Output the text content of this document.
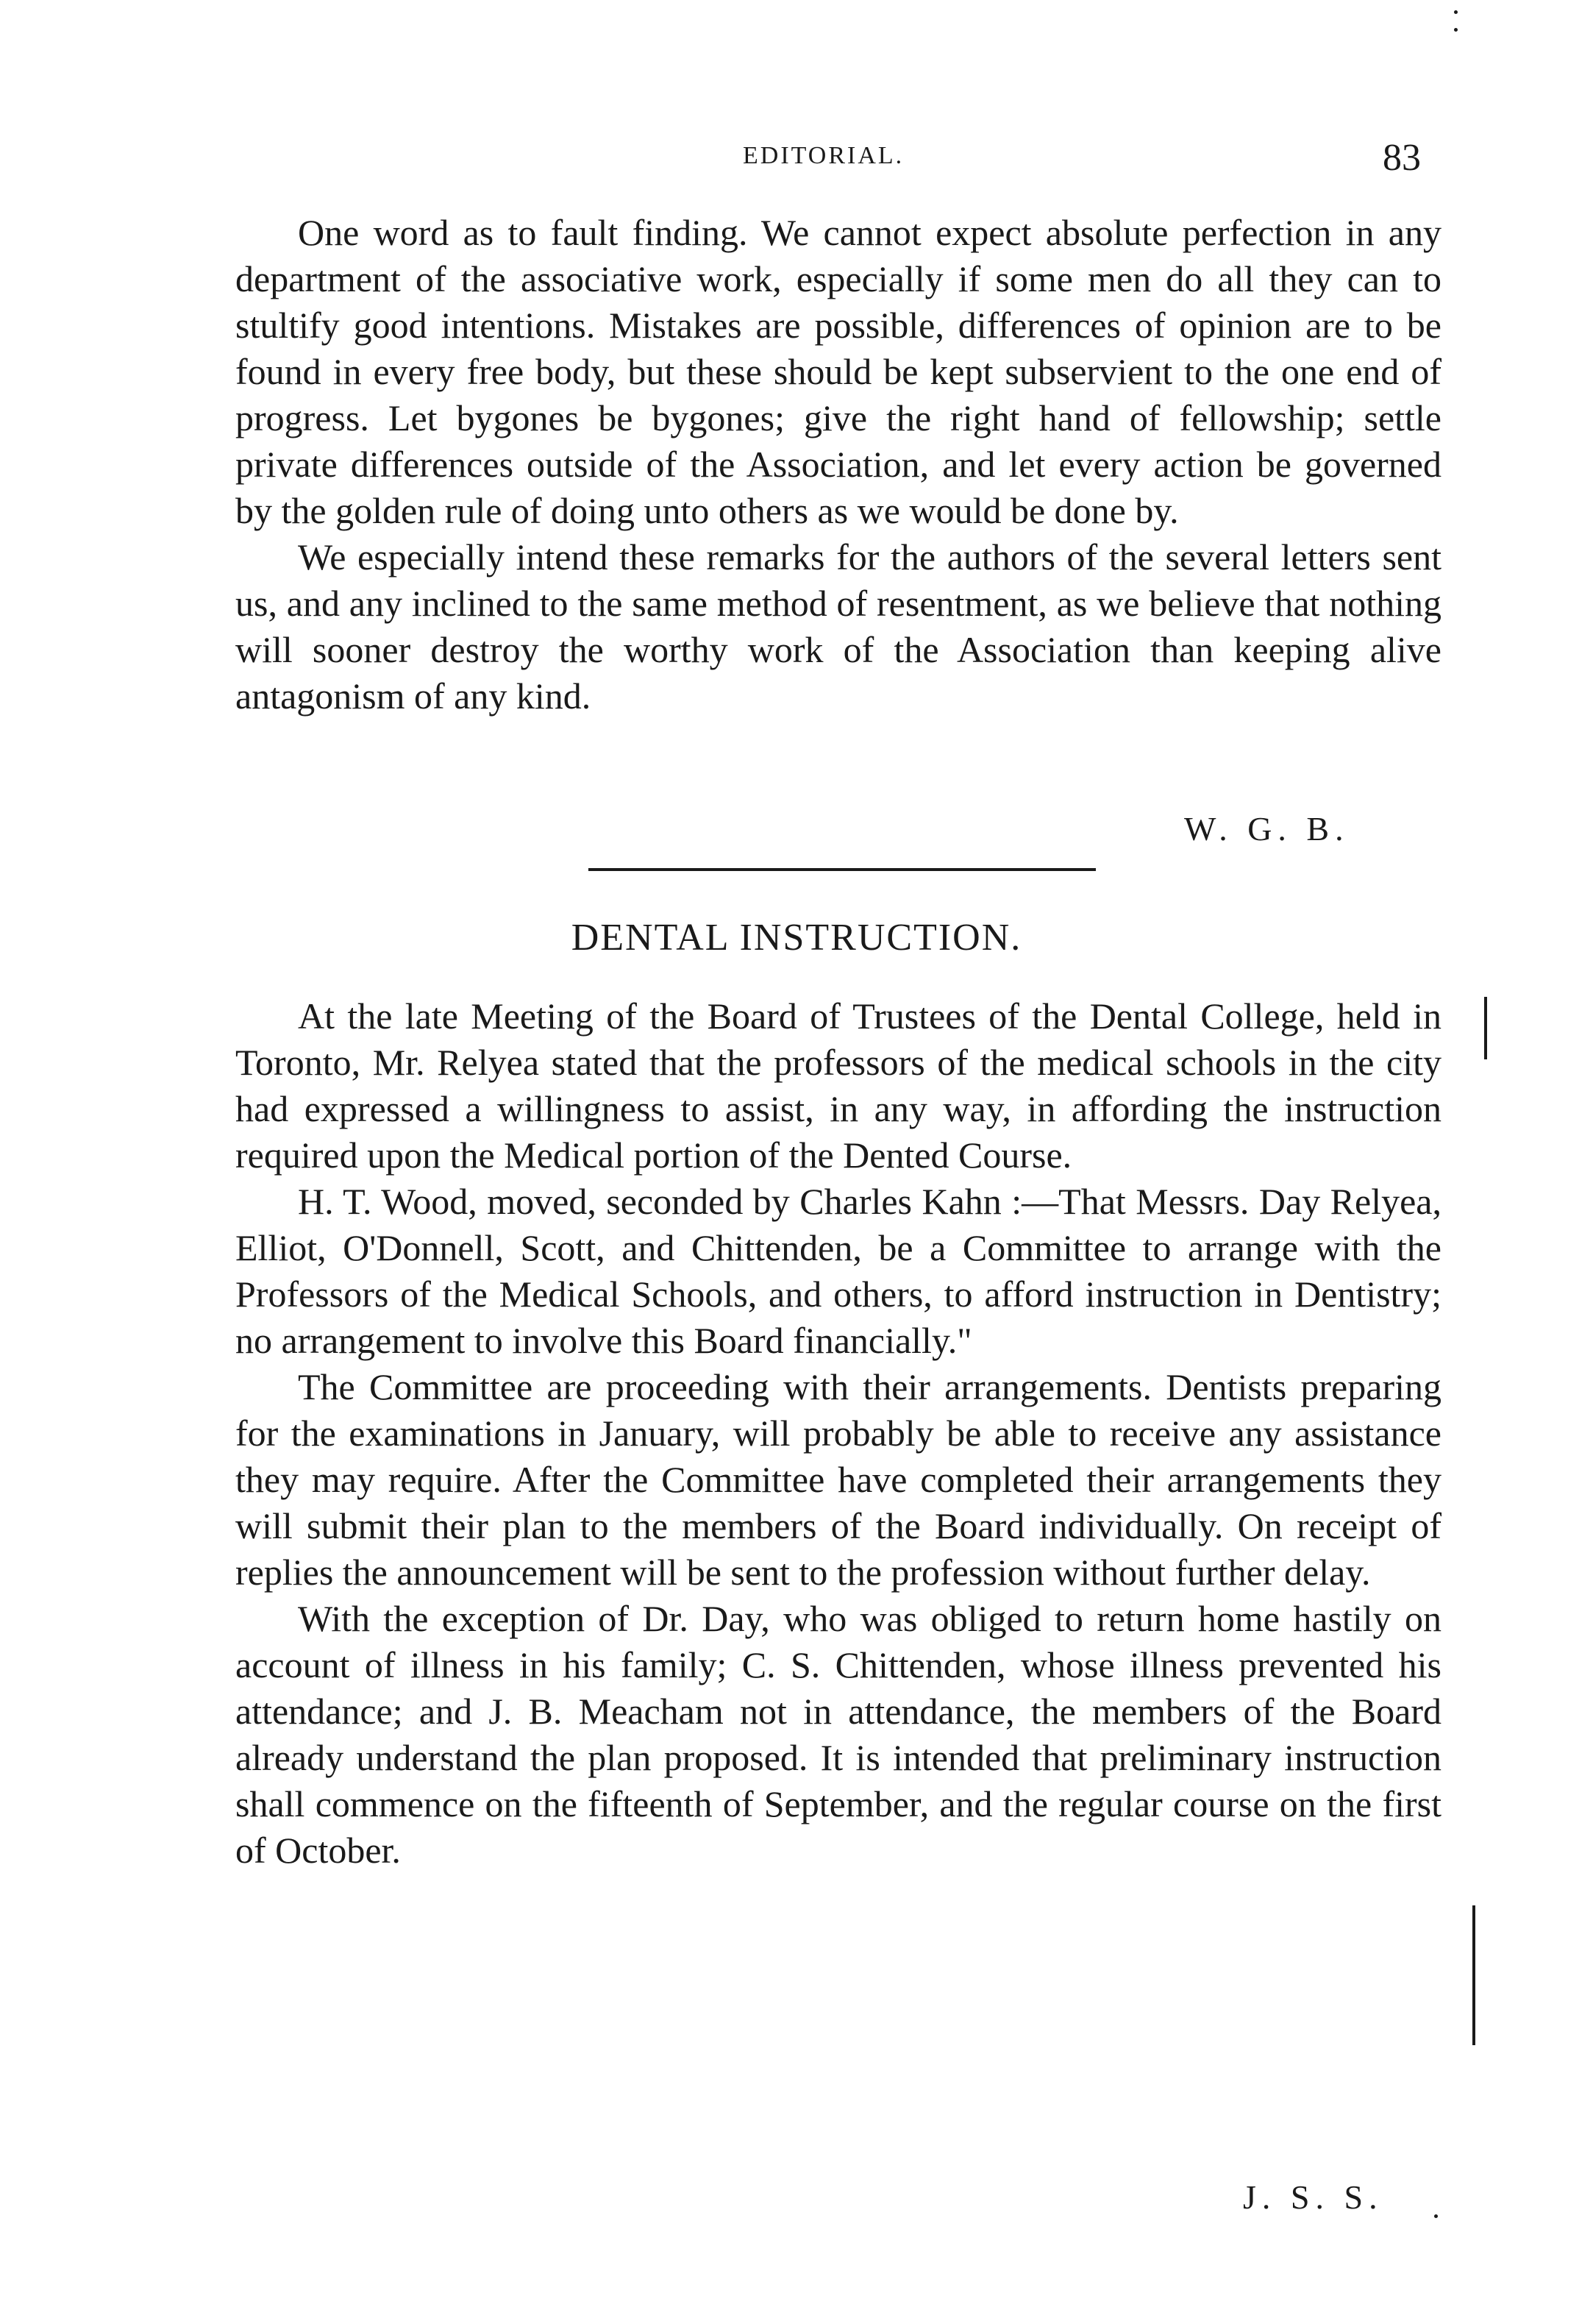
EDITORIAL.	83

One word as to fault finding. We cannot expect absolute perfection in any department of the associative work, especially if some men do all they can to stultify good intentions. Mistakes are possible, differences of opinion are to be found in every free body, but these should be kept subservient to the one end of progress. Let bygones be bygones; give the right hand of fellowship; settle private differences outside of the Association, and let every action be governed by the golden rule of doing unto others as we would be done by.

We especially intend these remarks for the authors of the several letters sent us, and any inclined to the same method of resentment, as we believe that nothing will sooner destroy the worthy work of the Association than keeping alive antagonism of any kind.

W. G. B.
DENTAL INSTRUCTION.

At the late Meeting of the Board of Trustees of the Dental College, held in Toronto, Mr. Relyea stated that the professors of the medical schools in the city had expressed a willingness to assist, in any way, in affording the instruction required upon the Medical portion of the Dented Course.

H. T. Wood, moved, seconded by Charles Kahn :—That Messrs. Day Relyea, Elliot, O'Donnell, Scott, and Chittenden, be a Committee to arrange with the Professors of the Medical Schools, and others, to afford instruction in Dentistry; no arrangement to involve this Board financially."

The Committee are proceeding with their arrangements. Dentists preparing for the examinations in January, will probably be able to receive any assistance they may require. After the Committee have completed their arrangements they will submit their plan to the members of the Board individually. On receipt of replies the announcement will be sent to the profession without further delay.

With the exception of Dr. Day, who was obliged to return home hastily on account of illness in his family; C. S. Chittenden, whose illness prevented his attendance; and J. B. Meacham not in attendance, the members of the Board already understand the plan proposed. It is intended that preliminary instruction shall commence on the fifteenth of September, and the regular course on the first of October.

J. S. S.
